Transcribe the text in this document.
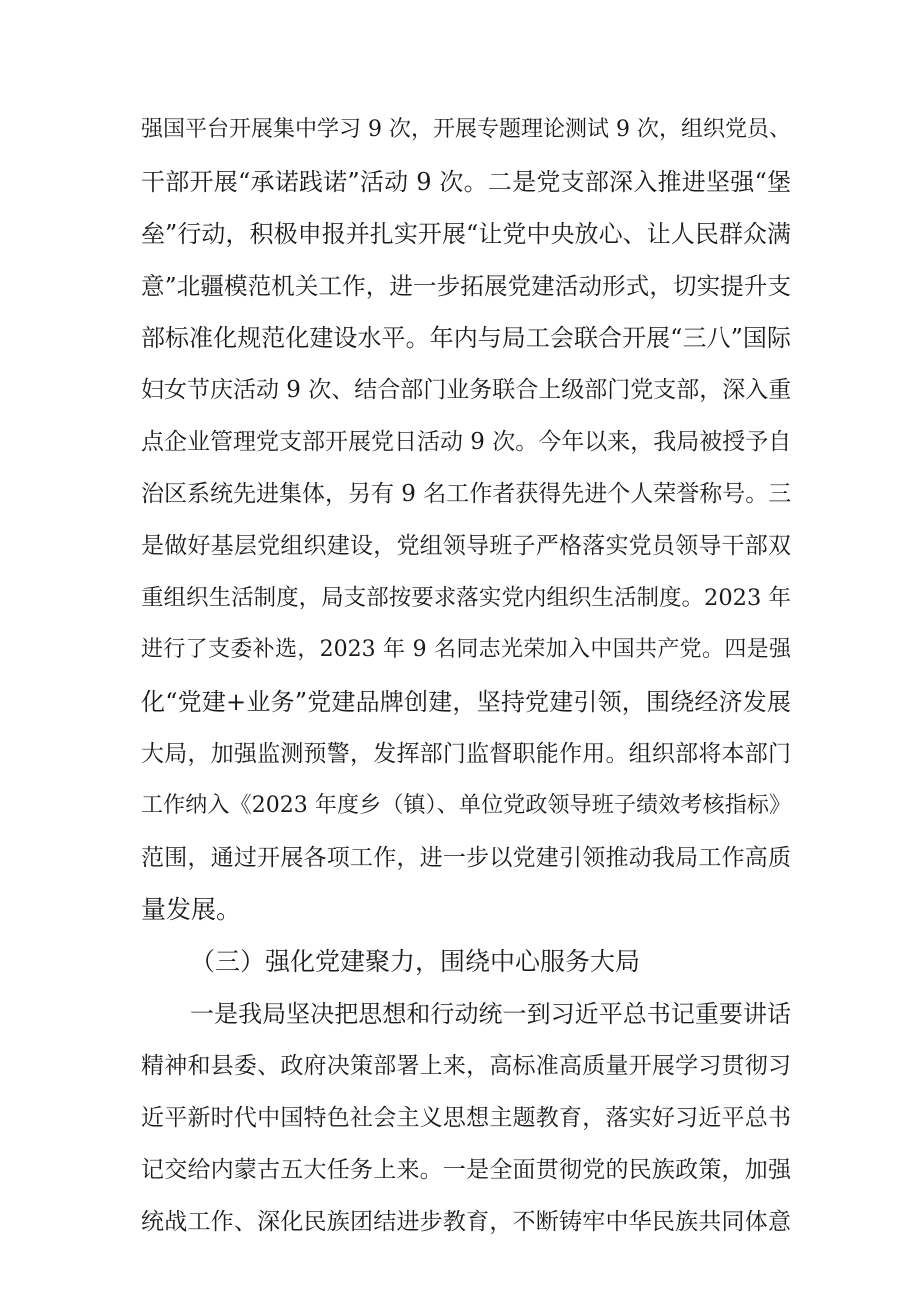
强国平台开展集中学习 9 次，开展专题理论测试 9 次，组织党员、
干部开展“承诺践诺”活动 9 次。二是党支部深入推进坚强“堡
垒”行动，积极申报并扎实开展“让党中央放心、让人民群众满
意”北疆模范机关工作，进一步拓展党建活动形式，切实提升支
部标准化规范化建设水平。年内与局工会联合开展“三八”国际
妇女节庆活动 9 次、结合部门业务联合上级部门党支部，深入重
点企业管理党支部开展党日活动 9 次。今年以来，我局被授予自
治区系统先进集体，另有 9 名工作者获得先进个人荣誉称号。三
是做好基层党组织建设，党组领导班子严格落实党员领导干部双
重组织生活制度，局支部按要求落实党内组织生活制度。2023 年
进行了支委补选，2023 年 9 名同志光荣加入中国共产党。四是强
化“党建+业务”党建品牌创建，坚持党建引领，围绕经济发展
大局，加强监测预警，发挥部门监督职能作用。组织部将本部门
工作纳入《2023 年度乡（镇）、单位党政领导班子绩效考核指标》
范围，通过开展各项工作，进一步以党建引领推动我局工作高质
量发展。
（三）强化党建聚力，围绕中心服务大局
一是我局坚决把思想和行动统一到习近平总书记重要讲话
精神和县委、政府决策部署上来，高标准高质量开展学习贯彻习
近平新时代中国特色社会主义思想主题教育，落实好习近平总书
记交给内蒙古五大任务上来。一是全面贯彻党的民族政策，加强
统战工作、深化民族团结进步教育，不断铸牢中华民族共同体意
